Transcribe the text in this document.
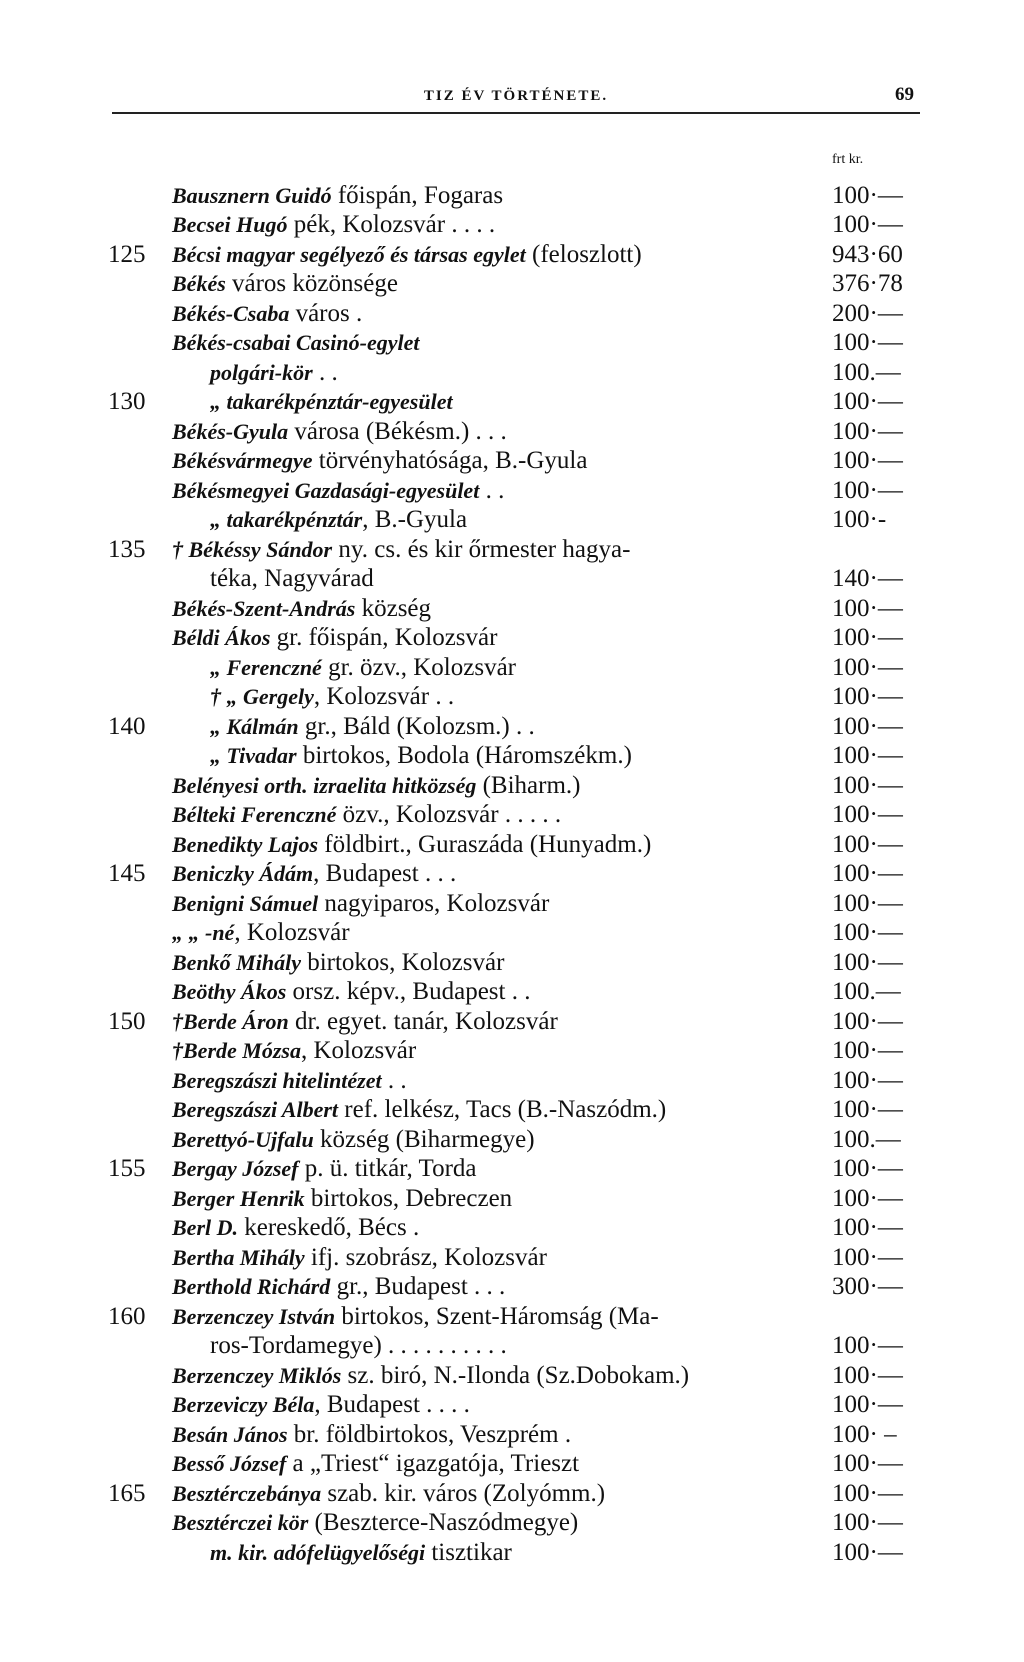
TIZ ÉV TÖRTÉNETE.	69
frt kr.
Bausznern Guidó főispán, Fogaras	100·—
Becsei Hugó pék, Kolozsvár . . . .	100·—
125	Bécsi magyar segélyező és társas egylet (feloszlott)	943·60
Békés város közönsége	376·78
Békés-Csaba város .	200·—
Békés-csabai Casinó-egylet	100·—
polgári-kör . .	100.—
130	„ takarékpénztár-egyesület	100·—
Békés-Gyula városa (Békésm.) . . .	100·—
Békésvármegye törvényhatósága, B.-Gyula	100·—
Békésmegyei Gazdasági-egyesület . .	100·—
„ takarékpénztár, B.-Gyula	100·-
135	† Békéssy Sándor ny. cs. és kir őrmester hagya-
téka, Nagyvárad	140·—
Békés-Szent-András község	100·—
Béldi Ákos gr. főispán, Kolozsvár	100·—
„ Ferenczné gr. özv., Kolozsvár	100·—
† „ Gergely, Kolozsvár . .	100·—
140	„ Kálmán gr., Báld (Kolozsm.) . .	100·—
„ Tivadar birtokos, Bodola (Háromszékm.)	100·—
Belényesi orth. izraelita hitközség (Biharm.)	100·—
Bélteki Ferenczné özv., Kolozsvár . . . . .	100·—
Benedikty Lajos földbirt., Guraszáda (Hunyadm.)	100·—
145	Beniczky Ádám, Budapest . . .	100·—
Benigni Sámuel nagyiparos, Kolozsvár	100·—
„ „ -né, Kolozsvár	100·—
Benkő Mihály birtokos, Kolozsvár	100·—
Beöthy Ákos orsz. képv., Budapest . .	100.—
150	†Berde Áron dr. egyet. tanár, Kolozsvár	100·—
†Berde Mózsa, Kolozsvár	100·—
Beregszászi hitelintézet . .	100·—
Beregszászi Albert ref. lelkész, Tacs (B.-Naszódm.)	100·—
Berettyó-Ujfalu község (Biharmegye)	100.—
155	Bergay József p. ü. titkár, Torda	100·—
Berger Henrik birtokos, Debreczen	100·—
Berl D. kereskedő, Bécs .	100·—
Bertha Mihály ifj. szobrász, Kolozsvár	100·—
Berthold Richárd gr., Budapest . . .	300·—
160	Berzenczey István birtokos, Szent-Háromság (Ma-
ros-Tordamegye) . . . . . . . . . .	100·—
Berzenczey Miklós sz. biró, N.-Ilonda (Sz.Dobokam.)	100·—
Berzeviczy Béla, Budapest . . . .	100·—
Besán János br. földbirtokos, Veszprém .	100· –
Besső József a „Triest“ igazgatója, Trieszt	100·—
165	Besztérczebánya szab. kir. város (Zolyómm.)	100·—
Besztérczei kör (Beszterce-Naszódmegye)	100·—
m. kir. adófelügyelőségi tisztikar	100·—
